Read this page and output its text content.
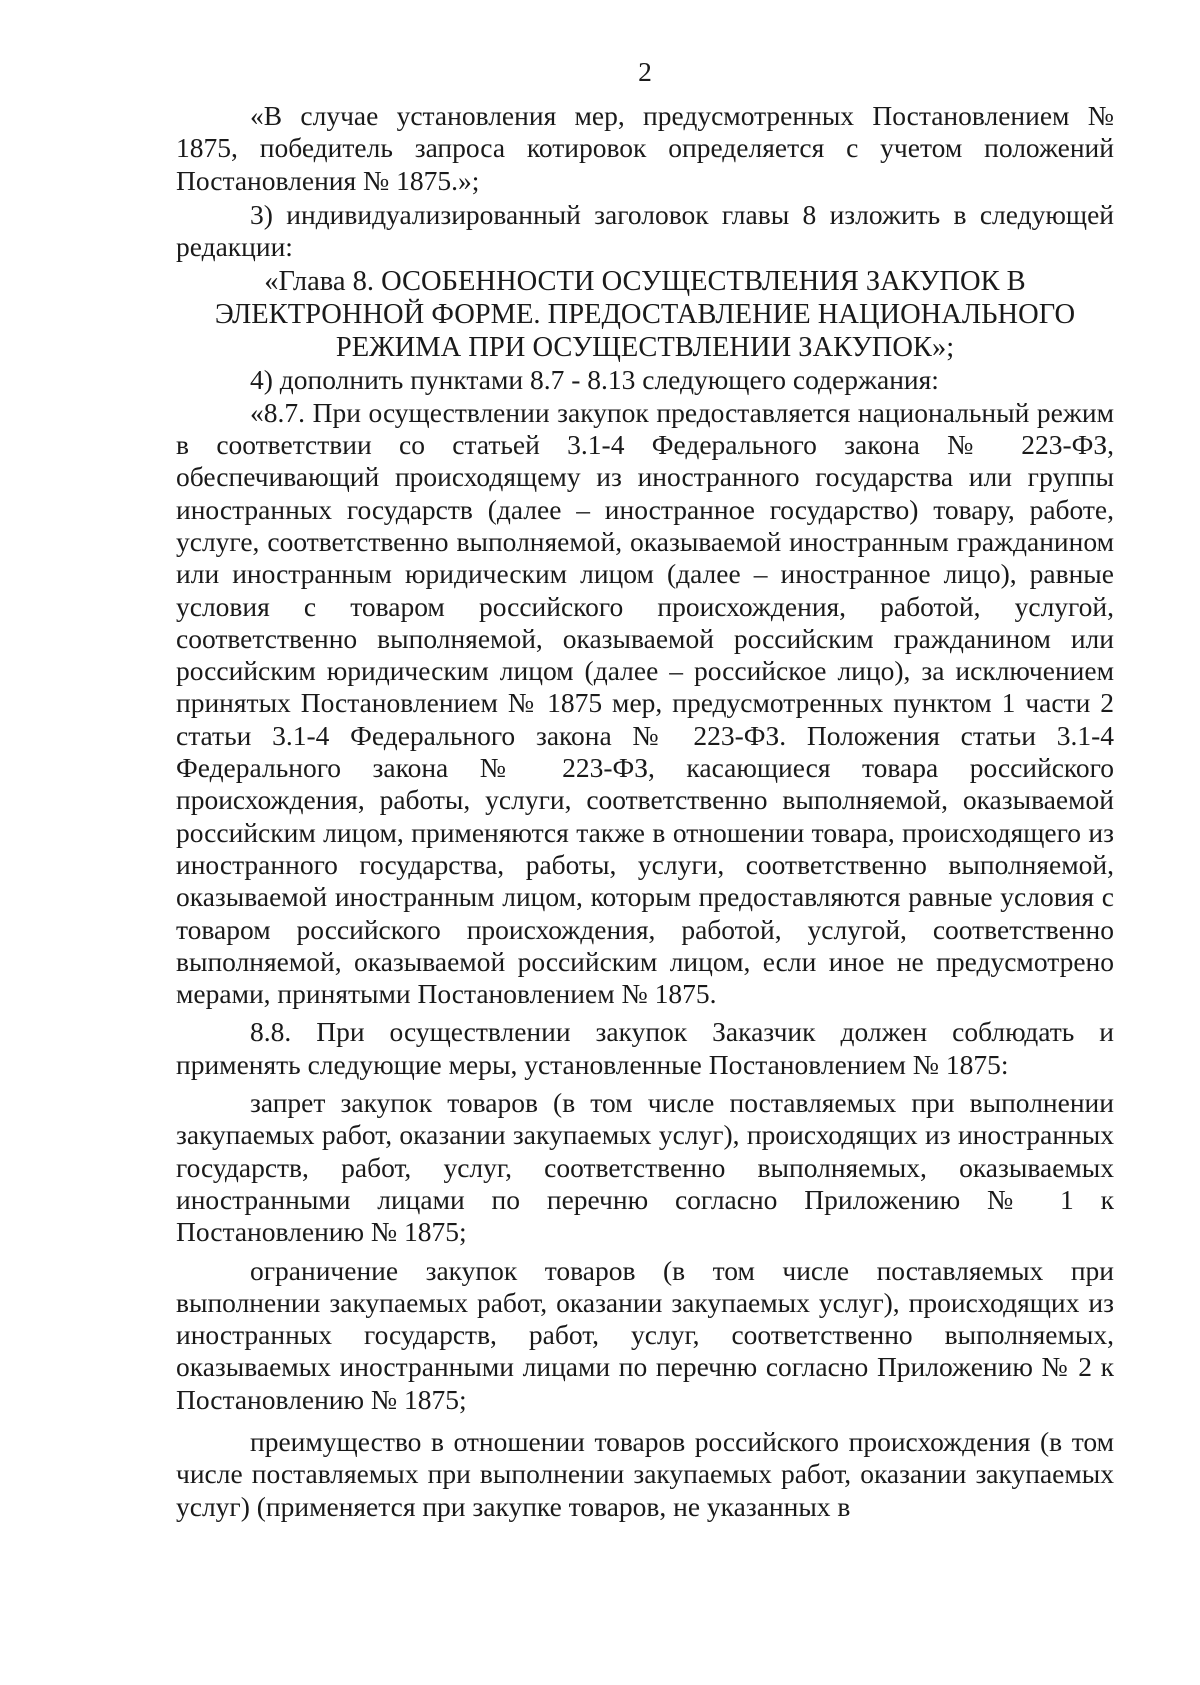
2

«В случае установления мер, предусмотренных Постановлением № 1875, победитель запроса котировок определяется с учетом положений Постановления № 1875.»;

3) индивидуализированный заголовок главы 8 изложить в следующей редакции:

«Глава 8. ОСОБЕННОСТИ ОСУЩЕСТВЛЕНИЯ ЗАКУПОК В
ЭЛЕКТРОННОЙ ФОРМЕ. ПРЕДОСТАВЛЕНИЕ НАЦИОНАЛЬНОГО
РЕЖИМА ПРИ ОСУЩЕСТВЛЕНИИ ЗАКУПОК»;

4) дополнить пунктами 8.7 - 8.13 следующего содержания:

«8.7. При осуществлении закупок предоставляется национальный режим в соответствии со статьей 3.1-4 Федерального закона № 223-ФЗ, обеспечивающий происходящему из иностранного государства или группы иностранных государств (далее – иностранное государство) товару, работе, услуге, соответственно выполняемой, оказываемой иностранным гражданином или иностранным юридическим лицом (далее – иностранное лицо), равные условия с товаром российского происхождения, работой, услугой, соответственно выполняемой, оказываемой российским гражданином или российским юридическим лицом (далее – российское лицо), за исключением принятых Постановлением № 1875 мер, предусмотренных пунктом 1 части 2 статьи 3.1-4 Федерального закона № 223-ФЗ. Положения статьи 3.1-4 Федерального закона № 223-ФЗ, касающиеся товара российского происхождения, работы, услуги, соответственно выполняемой, оказываемой российским лицом, применяются также в отношении товара, происходящего из иностранного государства, работы, услуги, соответственно выполняемой, оказываемой иностранным лицом, которым предоставляются равные условия с товаром российского происхождения, работой, услугой, соответственно выполняемой, оказываемой российским лицом, если иное не предусмотрено мерами, принятыми Постановлением № 1875.

8.8. При осуществлении закупок Заказчик должен соблюдать и применять следующие меры, установленные Постановлением № 1875:

запрет закупок товаров (в том числе поставляемых при выполнении закупаемых работ, оказании закупаемых услуг), происходящих из иностранных государств, работ, услуг, соответственно выполняемых, оказываемых иностранными лицами по перечню согласно Приложению № 1 к Постановлению № 1875;

ограничение закупок товаров (в том числе поставляемых при выполнении закупаемых работ, оказании закупаемых услуг), происходящих из иностранных государств, работ, услуг, соответственно выполняемых, оказываемых иностранными лицами по перечню согласно Приложению № 2 к Постановлению № 1875;

преимущество в отношении товаров российского происхождения (в том числе поставляемых при выполнении закупаемых работ, оказании закупаемых услуг) (применяется при закупке товаров, не указанных в
